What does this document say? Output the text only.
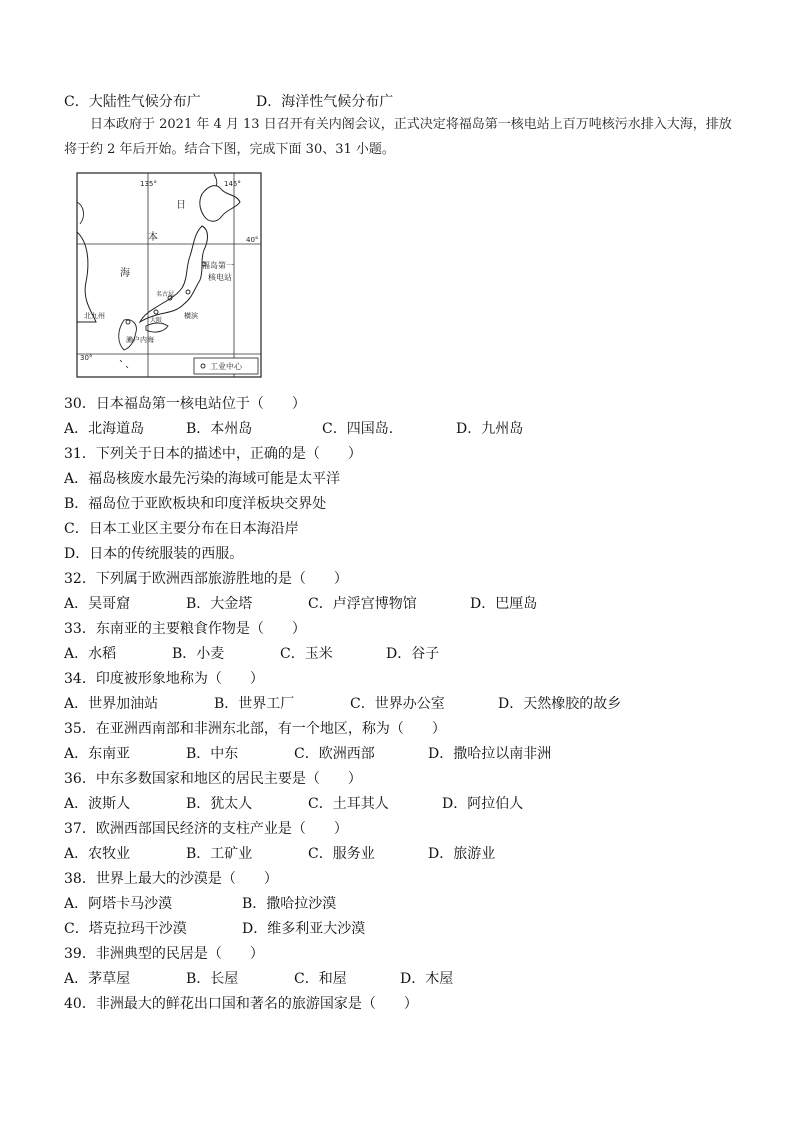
C．大陆性气候分布广	D．海洋性气候分布广
日本政府于 2021 年 4 月 13 日召开有关内阁会议，正式决定将福岛第一核电站上百万吨核污水排入大海，排放将于约 2 年后开始。结合下图，完成下面 30、31 小题。
135°	145°
40°
30°
日
本
海
福岛第一
核电站
北九州
濑户内海
大阪
名古屋
横滨
工业中心
30．日本福岛第一核电站位于（　　）
A．北海道岛	B．本州岛	C．四国岛.	D．九州岛
31．下列关于日本的描述中，正确的是（　　）
A．福岛核废水最先污染的海域可能是太平洋
B．福岛位于亚欧板块和印度洋板块交界处
C．日本工业区主要分布在日本海沿岸
D．日本的传统服装的西服。
32．下列属于欧洲西部旅游胜地的是（　　）
A．吴哥窟	B．大金塔	C．卢浮宫博物馆	D．巴厘岛
33．东南亚的主要粮食作物是（　　）
A．水稻	B．小麦	C．玉米	D．谷子
34．印度被形象地称为（　　）
A．世界加油站	B．世界工厂	C．世界办公室	D．天然橡胶的故乡
35．在亚洲西南部和非洲东北部，有一个地区，称为（　　）
A．东南亚	B．中东	C．欧洲西部	D．撒哈拉以南非洲
36．中东多数国家和地区的居民主要是（　　）
A．波斯人	B．犹太人	C．土耳其人	D．阿拉伯人
37．欧洲西部国民经济的支柱产业是（　　）
A．农牧业	B．工矿业	C．服务业	D．旅游业
38．世界上最大的沙漠是（　　）
A．阿塔卡马沙漠	B．撒哈拉沙漠
C．塔克拉玛干沙漠	D．维多利亚大沙漠
39．非洲典型的民居是（　　）
A．茅草屋	B．长屋	C．和屋	D．木屋
40．非洲最大的鲜花出口国和著名的旅游国家是（　　）
